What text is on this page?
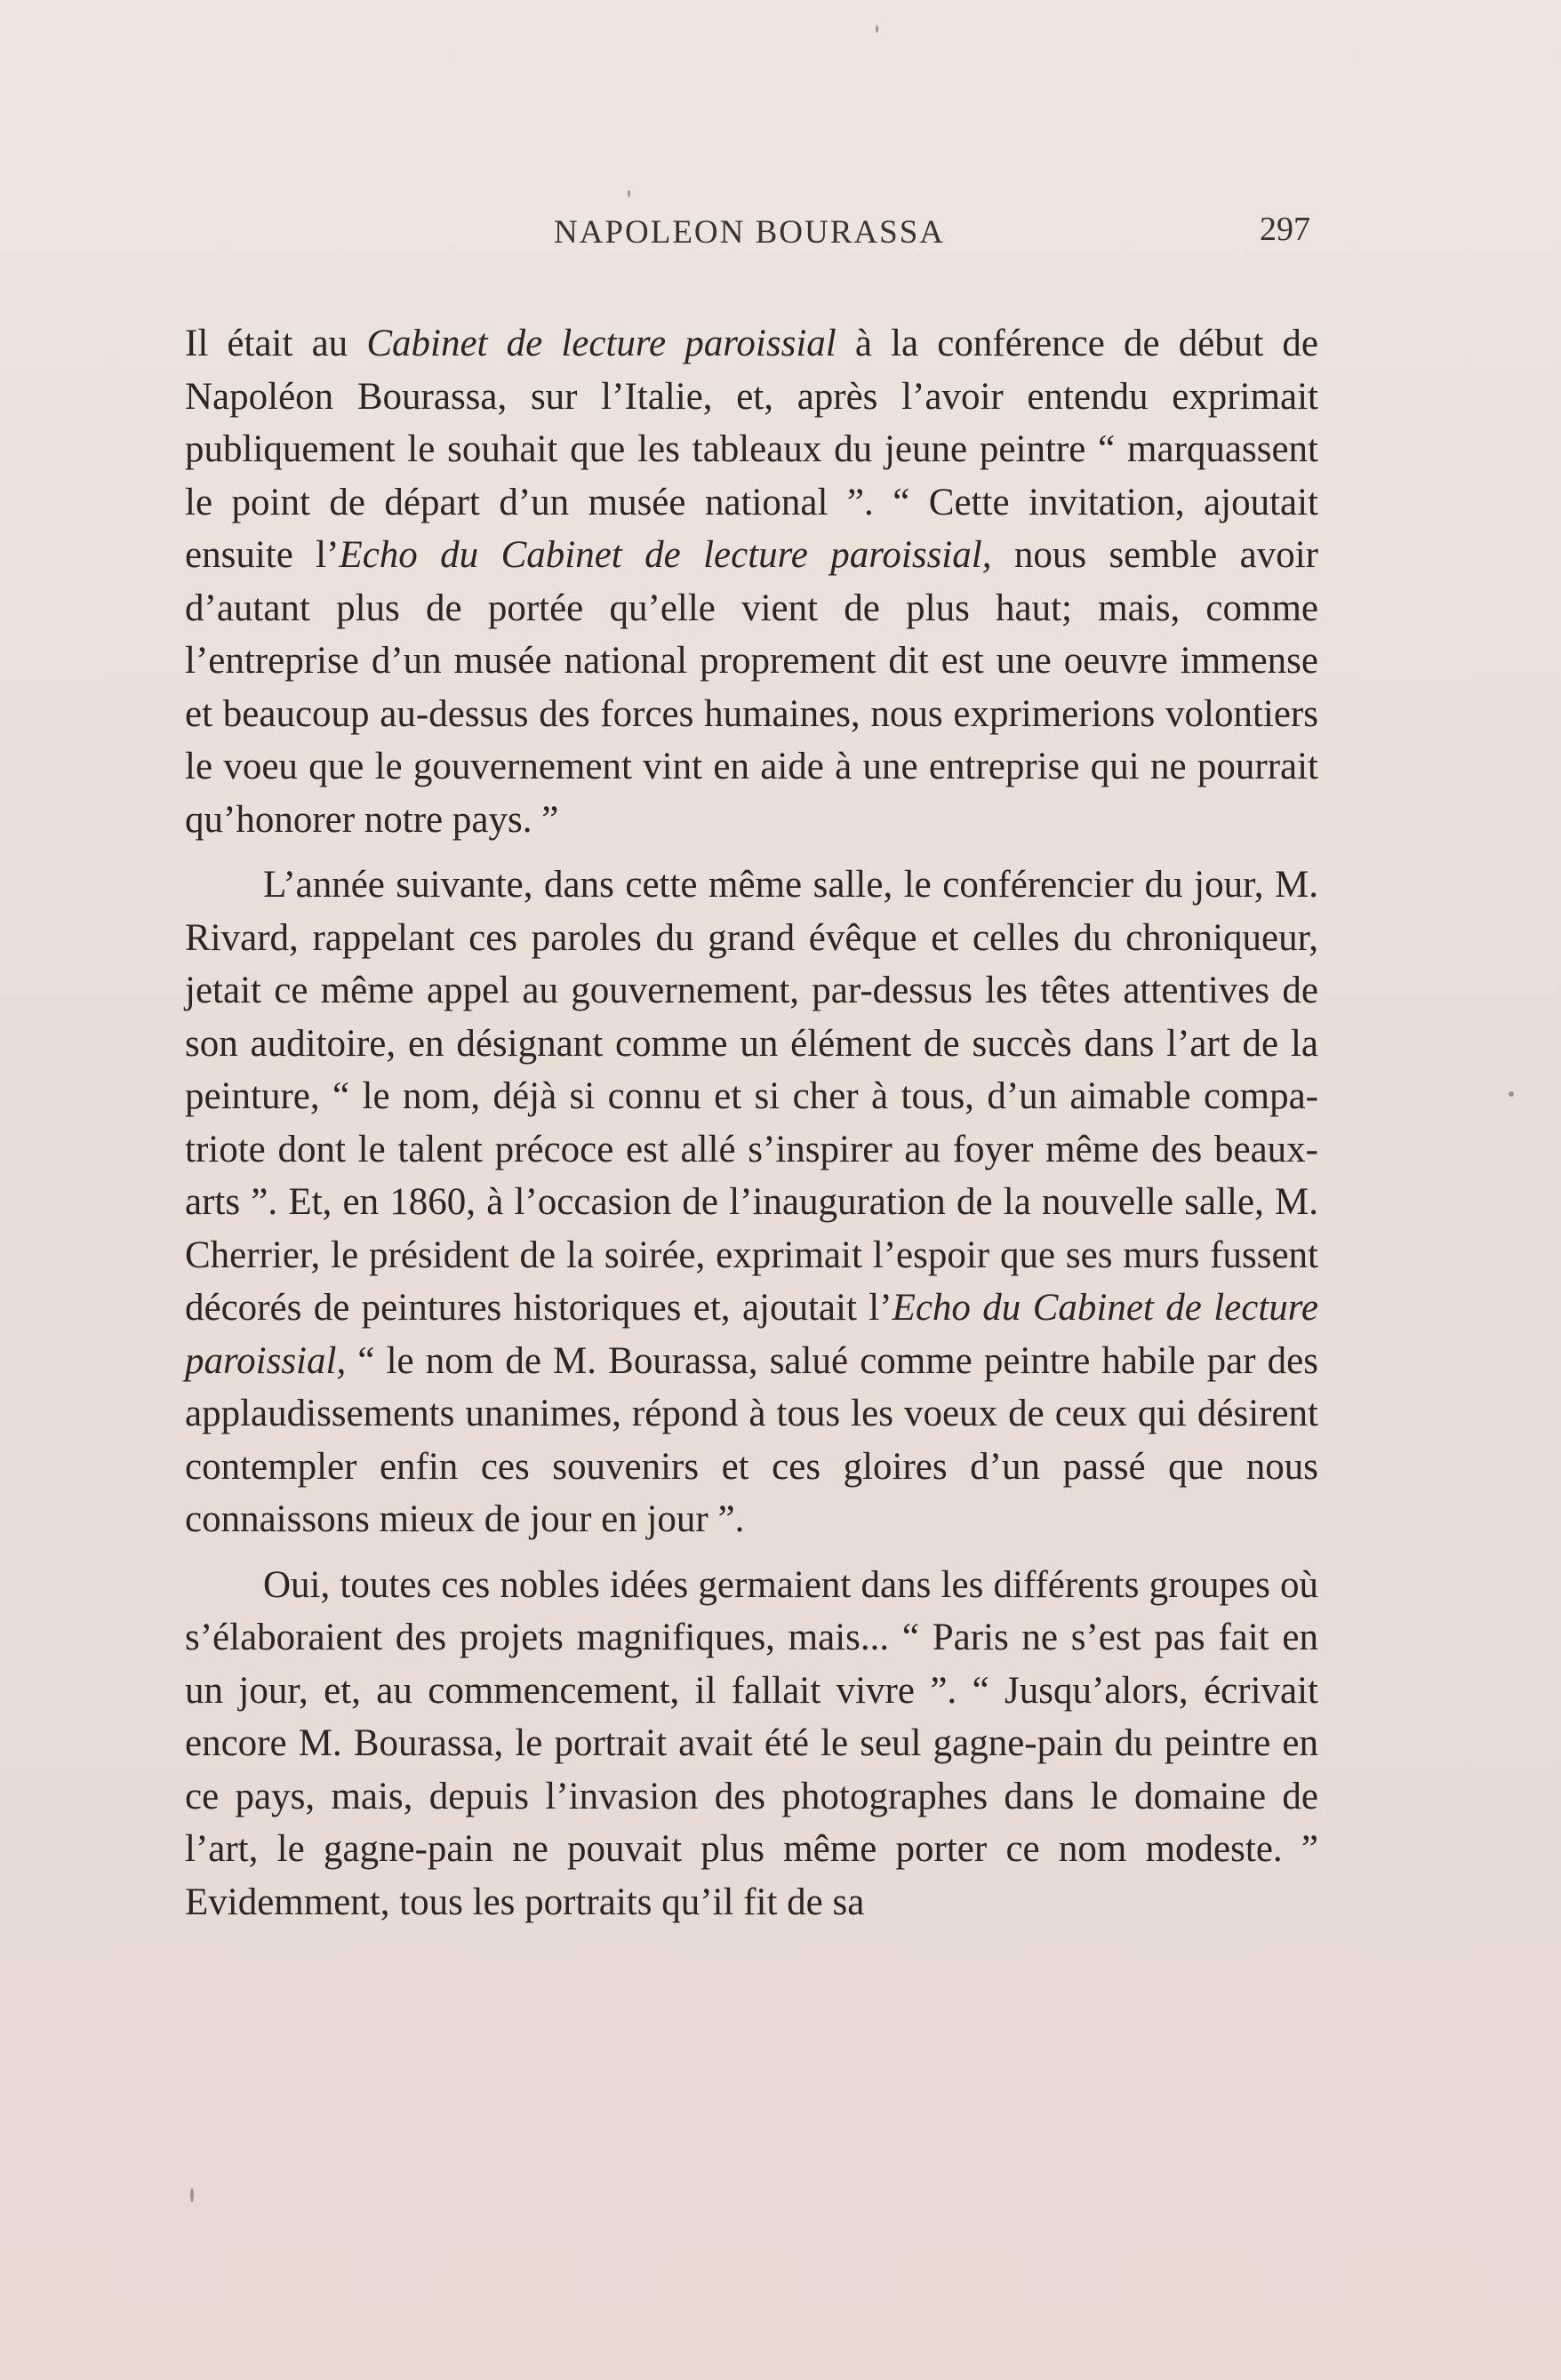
NAPOLEON BOURASSA	297

Il était au Cabinet de lecture paroissial à la conférence de début de Napoléon Bourassa, sur l’Italie, et, après l’avoir entendu exprimait publiquement le souhait que les tableaux du jeune peintre “ marquassent le point de départ d’un musée national ”. “ Cette invitation, ajoutait ensuite l’Echo du Cabinet de lecture paroissial, nous semble avoir d’autant plus de portée qu’elle vient de plus haut; mais, comme l’entreprise d’un musée national proprement dit est une oeuvre immense et beaucoup au-dessus des forces humaines, nous exprimerions volontiers le voeu que le gouvernement vint en aide à une entreprise qui ne pourrait qu’honorer notre pays. ”

L’année suivante, dans cette même salle, le conférencier du jour, M. Rivard, rappelant ces paroles du grand évêque et celles du chroniqueur, jetait ce même appel au gouvernement, par-dessus les têtes attentives de son auditoire, en désignant comme un élément de succès dans l’art de la peinture, “ le nom, déjà si connu et si cher à tous, d’un aimable compatriote dont le talent précoce est allé s’inspirer au foyer même des beaux-arts ”. Et, en 1860, à l’occasion de l’inauguration de la nouvelle salle, M. Cherrier, le président de la soirée, exprimait l’espoir que ses murs fussent décorés de peintures historiques et, ajoutait l’Echo du Cabinet de lecture paroissial, “ le nom de M. Bourassa, salué comme peintre habile par des applaudissements unanimes, répond à tous les voeux de ceux qui désirent contempler enfin ces souvenirs et ces gloires d’un passé que nous connaissons mieux de jour en jour ”.

Oui, toutes ces nobles idées germaient dans les différents groupes où s’élaboraient des projets magnifiques, mais... “ Paris ne s’est pas fait en un jour, et, au commencement, il fallait vivre ”. “ Jusqu’alors, écrivait encore M. Bourassa, le portrait avait été le seul gagne-pain du peintre en ce pays, mais, depuis l’invasion des photographes dans le domaine de l’art, le gagne-pain ne pouvait plus même porter ce nom modeste. ” Evidemment, tous les portraits qu’il fit de sa
